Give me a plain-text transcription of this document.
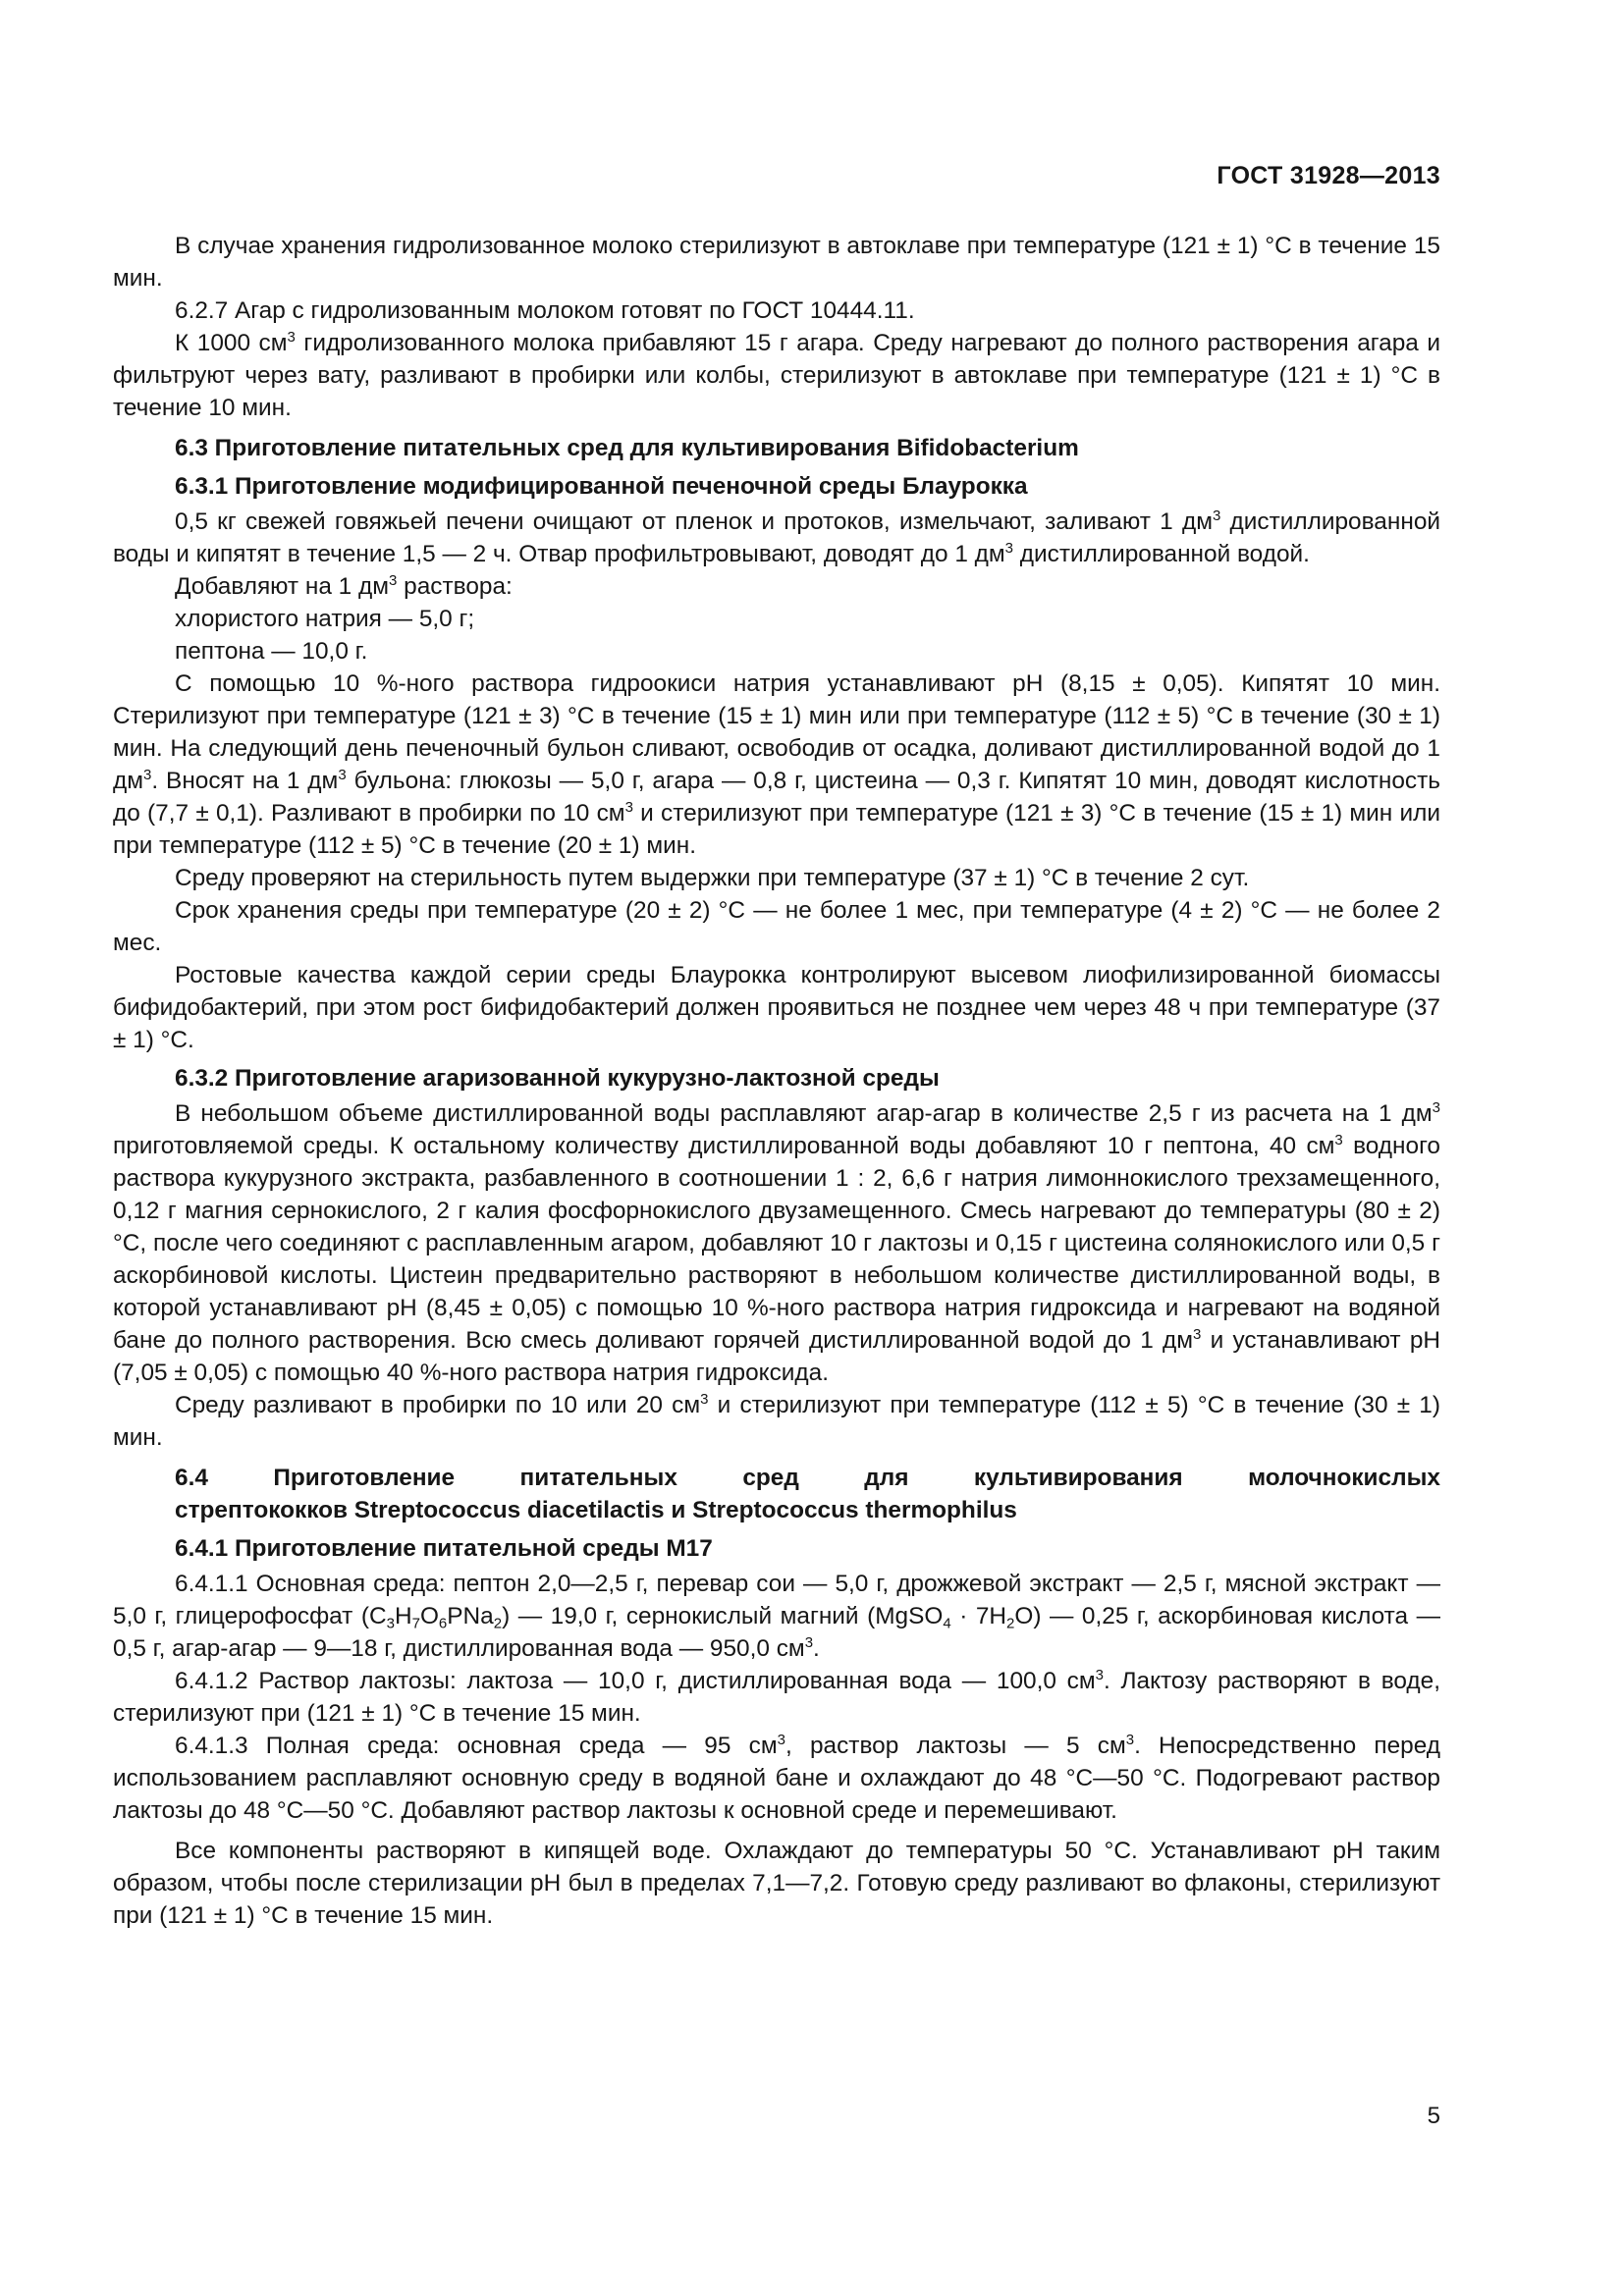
ГОСТ 31928—2013

В случае хранения гидролизованное молоко стерилизуют в автоклаве при температуре (121 ± 1) °С в течение 15 мин.

6.2.7 Агар с гидролизованным молоком готовят по ГОСТ 10444.11.

К 1000 $см^3$ гидролизованного молока прибавляют 15 г агара. Среду нагревают до полного растворения агара и фильтруют через вату, разливают в пробирки или колбы, стерилизуют в автоклаве при температуре (121 ± 1) °С в течение 10 мин.

6.3 Приготовление питательных сред для культивирования Bifidobacterium

6.3.1 Приготовление модифицированной печеночной среды Блаурокка

0,5 кг свежей говяжьей печени очищают от пленок и протоков, измельчают, заливают 1 $дм^3$ дистиллированной воды и кипятят в течение 1,5 — 2 ч. Отвар профильтровывают, доводят до 1 $дм^3$ дистиллированной водой.

Добавляют на 1 $дм^3$ раствора:

хлористого натрия — 5,0 г;

пептона — 10,0 г.

С помощью 10 %-ного раствора гидроокиси натрия устанавливают pH (8,15 ± 0,05). Кипятят 10 мин. Стерилизуют при температуре (121 ± 3) °С в течение (15 ± 1) мин или при температуре (112 ± 5) °С в течение (30 ± 1) мин. На следующий день печеночный бульон сливают, освободив от осадка, доливают дистиллированной водой до 1 $дм^3$. Вносят на 1 $дм^3$ бульона: глюкозы — 5,0 г, агара — 0,8 г, цистеина — 0,3 г. Кипятят 10 мин, доводят кислотность до (7,7 ± 0,1). Разливают в пробирки по 10 $см^3$ и стерилизуют при температуре (121 ± 3) °С в течение (15 ± 1) мин или при температуре (112 ± 5) °С в течение (20 ± 1) мин.

Среду проверяют на стерильность путем выдержки при температуре (37 ± 1) °С в течение 2 сут.

Срок хранения среды при температуре (20 ± 2) °С — не более 1 мес, при температуре (4 ± 2) °С — не более 2 мес.

Ростовые качества каждой серии среды Блаурокка контролируют высевом лиофилизированной биомассы бифидобактерий, при этом рост бифидобактерий должен проявиться не позднее чем через 48 ч при температуре (37 ± 1) °С.

6.3.2 Приготовление агаризованной кукурузно-лактозной среды

В небольшом объеме дистиллированной воды расплавляют агар-агар в количестве 2,5 г из расчета на 1 $дм^3$ приготовляемой среды. К остальному количеству дистиллированной воды добавляют 10 г пептона, 40 $см^3$ водного раствора кукурузного экстракта, разбавленного в соотношении 1 : 2, 6,6 г натрия лимоннокислого трехзамещенного, 0,12 г магния сернокислого, 2 г калия фосфорнокислого двузамещенного. Смесь нагревают до температуры (80 ± 2) °С, после чего соединяют с расплавленным агаром, добавляют 10 г лактозы и 0,15 г цистеина солянокислого или 0,5 г аскорбиновой кислоты. Цистеин предварительно растворяют в небольшом количестве дистиллированной воды, в которой устанавливают pH (8,45 ± 0,05) с помощью 10 %-ного раствора натрия гидроксида и нагревают на водяной бане до полного растворения. Всю смесь доливают горячей дистиллированной водой до 1 $дм^3$ и устанавливают pH (7,05 ± 0,05) с помощью 40 %-ного раствора натрия гидроксида.

Среду разливают в пробирки по 10 или 20 $см^3$ и стерилизуют при температуре (112 ± 5) °С в течение (30 ± 1) мин.

6.4 Приготовление питательных сред для культивирования молочнокислых

стрептококков Streptococcus diacetilactis и Streptococcus thermophilus

6.4.1 Приготовление питательной среды М17

6.4.1.1 Основная среда: пептон 2,0—2,5 г, перевар сои — 5,0 г, дрожжевой экстракт — 2,5 г, мясной экстракт — 5,0 г, глицерофосфат (C3H7O6PNa2) — 19,0 г, сернокислый магний (MgSO4 · 7H2O) — 0,25 г, аскорбиновая кислота — 0,5 г, агар-агар — 9—18 г, дистиллированная вода — 950,0 $см^3$.

6.4.1.2 Раствор лактозы: лактоза — 10,0 г, дистиллированная вода — 100,0 $см^3$. Лактозу растворяют в воде, стерилизуют при (121 ± 1) °С в течение 15 мин.

6.4.1.3 Полная среда: основная среда — 95 $см^3$, раствор лактозы — 5 $см^3$. Непосредственно перед использованием расплавляют основную среду в водяной бане и охлаждают до 48 °С—50 °С. Подогревают раствор лактозы до 48 °С—50 °С. Добавляют раствор лактозы к основной среде и перемешивают.

Все компоненты растворяют в кипящей воде. Охлаждают до температуры 50 °С. Устанавливают pH таким образом, чтобы после стерилизации pH был в пределах 7,1—7,2. Готовую среду разливают во флаконы, стерилизуют при (121 ± 1) °С в течение 15 мин.

5
